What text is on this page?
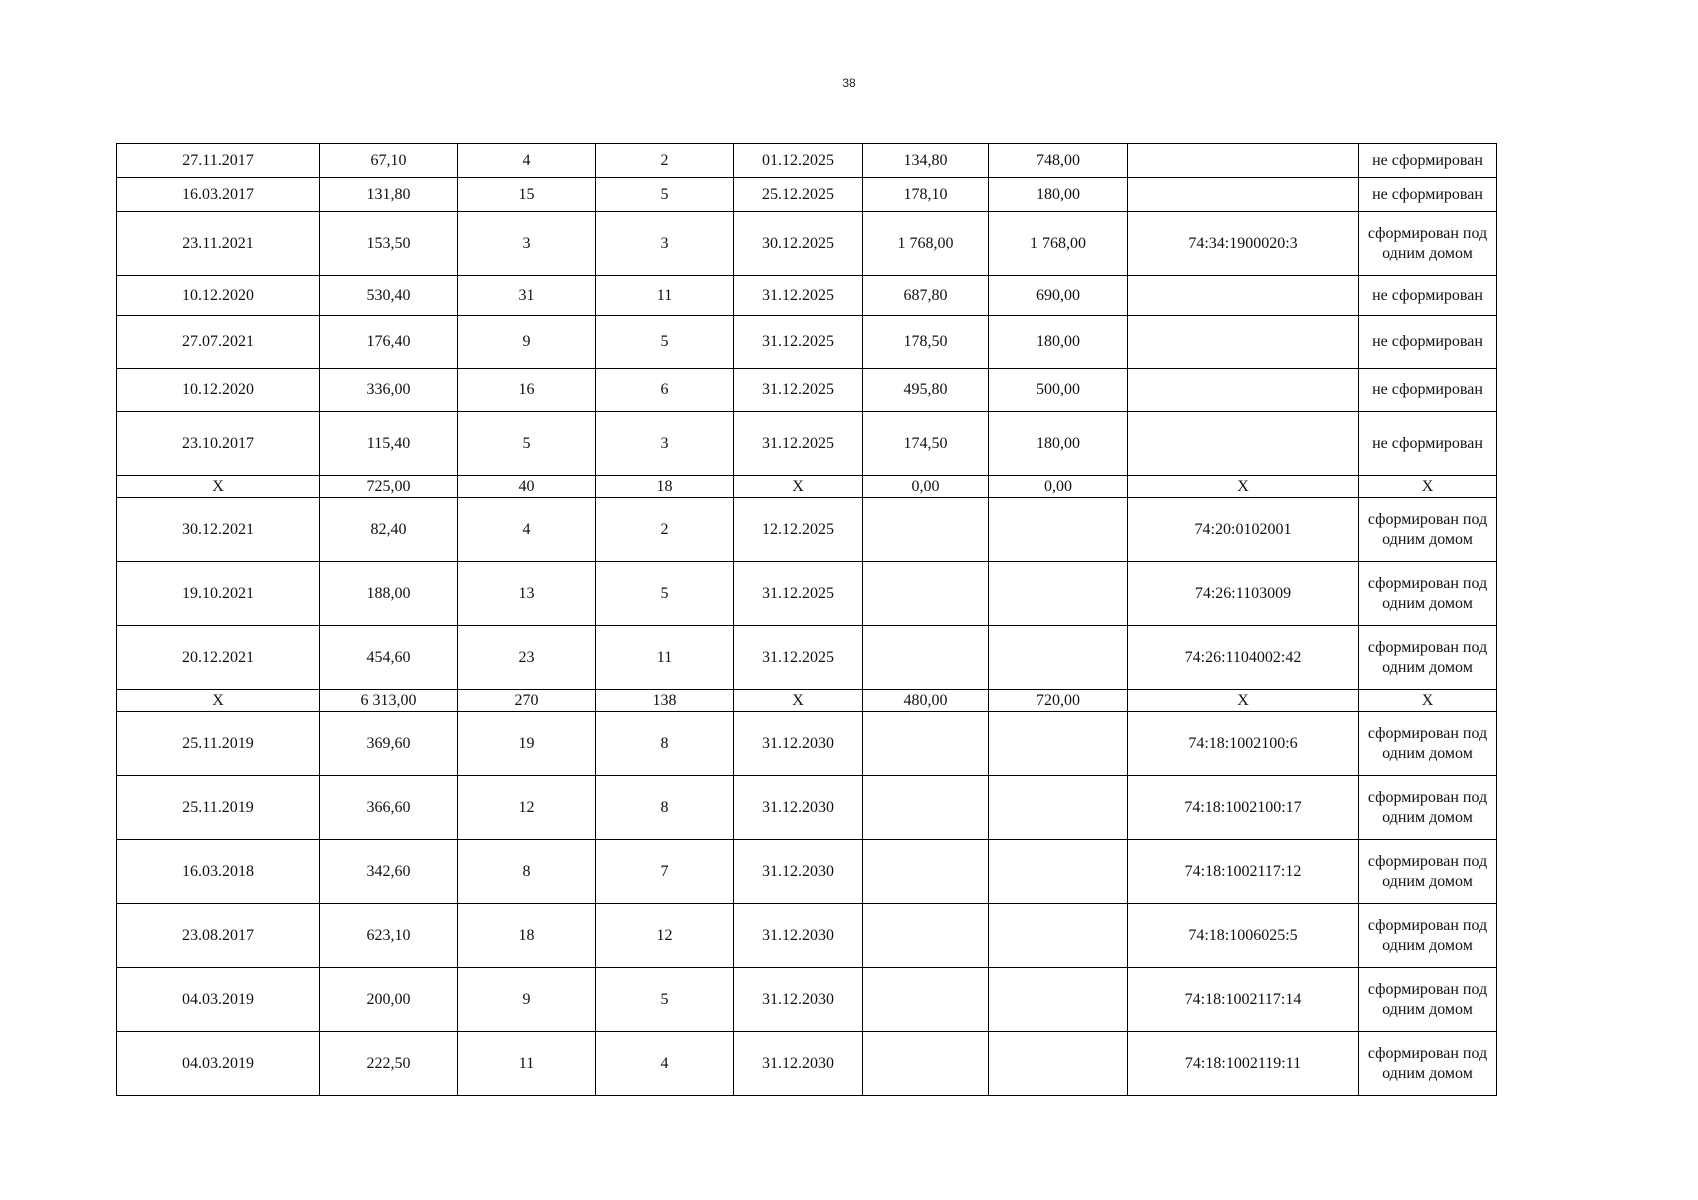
38
27.11.2017	67,10	4	2	01.12.2025	134,80	748,00		не сформирован
16.03.2017	131,80	15	5	25.12.2025	178,10	180,00		не сформирован
23.11.2021	153,50	3	3	30.12.2025	1 768,00	1 768,00	74:34:1900020:3	сформирован под одним домом
10.12.2020	530,40	31	11	31.12.2025	687,80	690,00		не сформирован
27.07.2021	176,40	9	5	31.12.2025	178,50	180,00		не сформирован
10.12.2020	336,00	16	6	31.12.2025	495,80	500,00		не сформирован
23.10.2017	115,40	5	3	31.12.2025	174,50	180,00		не сформирован
X	725,00	40	18	X	0,00	0,00	X	X
30.12.2021	82,40	4	2	12.12.2025			74:20:0102001	сформирован под одним домом
19.10.2021	188,00	13	5	31.12.2025			74:26:1103009	сформирован под одним домом
20.12.2021	454,60	23	11	31.12.2025			74:26:1104002:42	сформирован под одним домом
X	6 313,00	270	138	X	480,00	720,00	X	X
25.11.2019	369,60	19	8	31.12.2030			74:18:1002100:6	сформирован под одним домом
25.11.2019	366,60	12	8	31.12.2030			74:18:1002100:17	сформирован под одним домом
16.03.2018	342,60	8	7	31.12.2030			74:18:1002117:12	сформирован под одним домом
23.08.2017	623,10	18	12	31.12.2030			74:18:1006025:5	сформирован под одним домом
04.03.2019	200,00	9	5	31.12.2030			74:18:1002117:14	сформирован под одним домом
04.03.2019	222,50	11	4	31.12.2030			74:18:1002119:11	сформирован под одним домом
